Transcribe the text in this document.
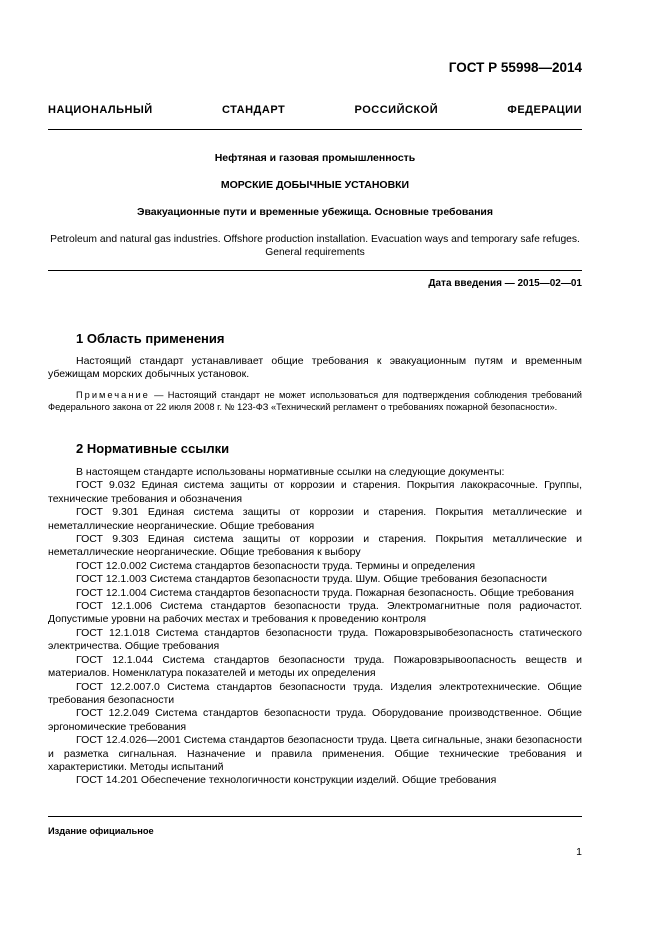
ГОСТ Р 55998—2014
НАЦИОНАЛЬНЫЙ СТАНДАРТ РОССИЙСКОЙ ФЕДЕРАЦИИ
Нефтяная и газовая промышленность
МОРСКИЕ ДОБЫЧНЫЕ УСТАНОВКИ
Эвакуационные пути и временные убежища. Основные требования
Petroleum and natural gas industries. Offshore production installation. Evacuation ways and temporary safe refuges.
General requirements
Дата введения — 2015—02—01
1 Область применения
Настоящий стандарт устанавливает общие требования к эвакуационным путям и временным убежищам морских добычных установок.
Примечание — Настоящий стандарт не может использоваться для подтверждения соблюдения требований Федерального закона от 22 июля 2008 г. № 123-ФЗ «Технический регламент о требованиях пожарной безопасности».
2 Нормативные ссылки

В настоящем стандарте использованы нормативные ссылки на следующие документы:

ГОСТ 9.032 Единая система защиты от коррозии и старения. Покрытия лакокрасочные. Группы, технические требования и обозначения

ГОСТ 9.301 Единая система защиты от коррозии и старения. Покрытия металлические и неметаллические неорганические. Общие требования

ГОСТ 9.303 Единая система защиты от коррозии и старения. Покрытия металлические и неметаллические неорганические. Общие требования к выбору

ГОСТ 12.0.002 Система стандартов безопасности труда. Термины и определения

ГОСТ 12.1.003 Система стандартов безопасности труда. Шум. Общие требования безопасности

ГОСТ 12.1.004 Система стандартов безопасности труда. Пожарная безопасность. Общие требования

ГОСТ 12.1.006 Система стандартов безопасности труда. Электромагнитные поля радиочастот. Допустимые уровни на рабочих местах и требования к проведению контроля

ГОСТ 12.1.018 Система стандартов безопасности труда. Пожаровзрывобезопасность статического электричества. Общие требования

ГОСТ 12.1.044 Система стандартов безопасности труда. Пожаровзрывоопасность веществ и материалов. Номенклатура показателей и методы их определения

ГОСТ 12.2.007.0 Система стандартов безопасности труда. Изделия электротехнические. Общие требования безопасности

ГОСТ 12.2.049 Система стандартов безопасности труда. Оборудование производственное. Общие эргономические требования

ГОСТ 12.4.026—2001 Система стандартов безопасности труда. Цвета сигнальные, знаки безопасности и разметка сигнальная. Назначение и правила применения. Общие технические требования и характеристики. Методы испытаний

ГОСТ 14.201 Обеспечение технологичности конструкции изделий. Общие требования

Издание официальное
1
